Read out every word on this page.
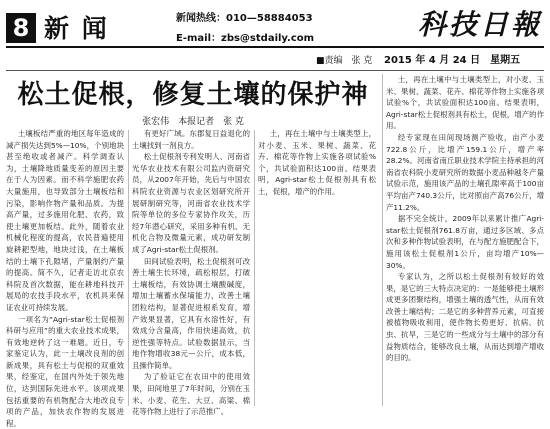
8 新 闻	新闻热线：010—58884053
E-mail：zbs@stdaily.com	科技日報
■责编　张 克 2015 年 4 月 24 日　星期五
松土促根，修复土壤的保护神
张宏伟　本报记者　张 克

土壤板结严重的地区每年造成的减产损失达到5%—10%，个别地块甚至绝收或者减产。科学调查认为，土壤降地质量变差的原因主要在于人为因素。而不科学施肥农药大量施用，也导致部分土壤板结和污染，影响作物产量和品质。为提高产量，过多施用化肥、农药，致使土壤更加板结。此外，随着农业机械化程度的提高，农民普遍使用旋耕耙型地，地块过浅，在土壤板结的土壤下孔隙堵，产量制约产量的提高。简不久，记者走访北京农科院及首次数据，能在耕地科技开展局的农技手段水平，农机具来保证农业可持续发展。

一项名为“Agri-star松土促根剂科研与应用”的重大农业技术成果，有效地逆转了这一难题。近日，专家鉴定认为，此一土壤改良剂的创新成果，具有松土与促根的双重效果，经鉴定，在国内外处于领先地位，达到国际先进水平。该项成果包括重要的有机物配合大地改良专项的产品，加快农作物的发展进程。

有更好广域。东郡复日益退化的土壤找到一剂良方。

松土促根剂专利发明人、河南省光华农业技术有限公司监内资研究员，从2007年开始，先后与中国农科院农业资源与农业区划研究所开展研制研究等，河南省农业技术学院等单位的多位专家协作攻关，历经7年潜心研究，采用多种有机、无机化合物及微量元素，成功研发制成了Agri-star松土促根剂。

田间试验表明，松土促根剂可改善土壤生长环境，疏松根层，打破土壤板结，有效协调土壤酸碱度，增加土壤蓄水保墒能力，改善土壤团粒结构，显著促进根系发育，增产效果显著，它具有水溶性好，有效成分含量高，作用快速高效，抗逆性强等特点。试验数据显示，当地作物增收38元—公斤，成本低，且操作简单。

为了验证它在农田中的使用效果，田间地里了7年时间，分别在玉米、小麦、花生、大豆、高粱、棉花等作物上进行了示范推广。

土，再在土壤中与土壤类型上，对小麦、玉米、果树、蔬菜、花卉、棉花等作物上实施各项试验%个，共试验面积达100亩。结果表明，Agri-star松土促根剂具有松土，促根，增产的作用。

土，再在土壤中与土壤类型上，对小麦、玉米、果树、蔬菜、花卉、棉花等作物上实施各项试验%个，共试验面积达100亩。结果表明，Agri-star松土促根剂具有松土，促根，增产的作用。

经专家现在田间现场测产验收，亩产小麦722.8公斤，比增产159.1公斤，增产率28.2%。河南省南丘职业技术学院主持承担的河南省农科院小麦研究所的数据小麦品种越冬产量试验示范，施用该产品的土壤孔隙率高于100亩平均亩产740.3公斤，比对照亩产高76公斤，增产11.2%。

据不完全统计，2009年以来累计推广Agri-star松土促根剂761.8万亩，通过多区域、多点次和多种作物试验表明，在与配方施肥配合下，施用该松土促根剂1公斤，亩均增产10%—30%。

专家认为，之所以松土促根剂有较好的效果，是它的三大特点决定的：一是能够使土壤形成更多团聚结构，增强土壤的透气性，从而有效改善土壤结构；二是它的多种营养元素，可直接被植物吸收利用，使作物长势更好、抗病、抗虫、抗旱，三是它的一些成分与土壤中的部分有益物质结合，能够改良土壤，从而达到增产增收的目的。
